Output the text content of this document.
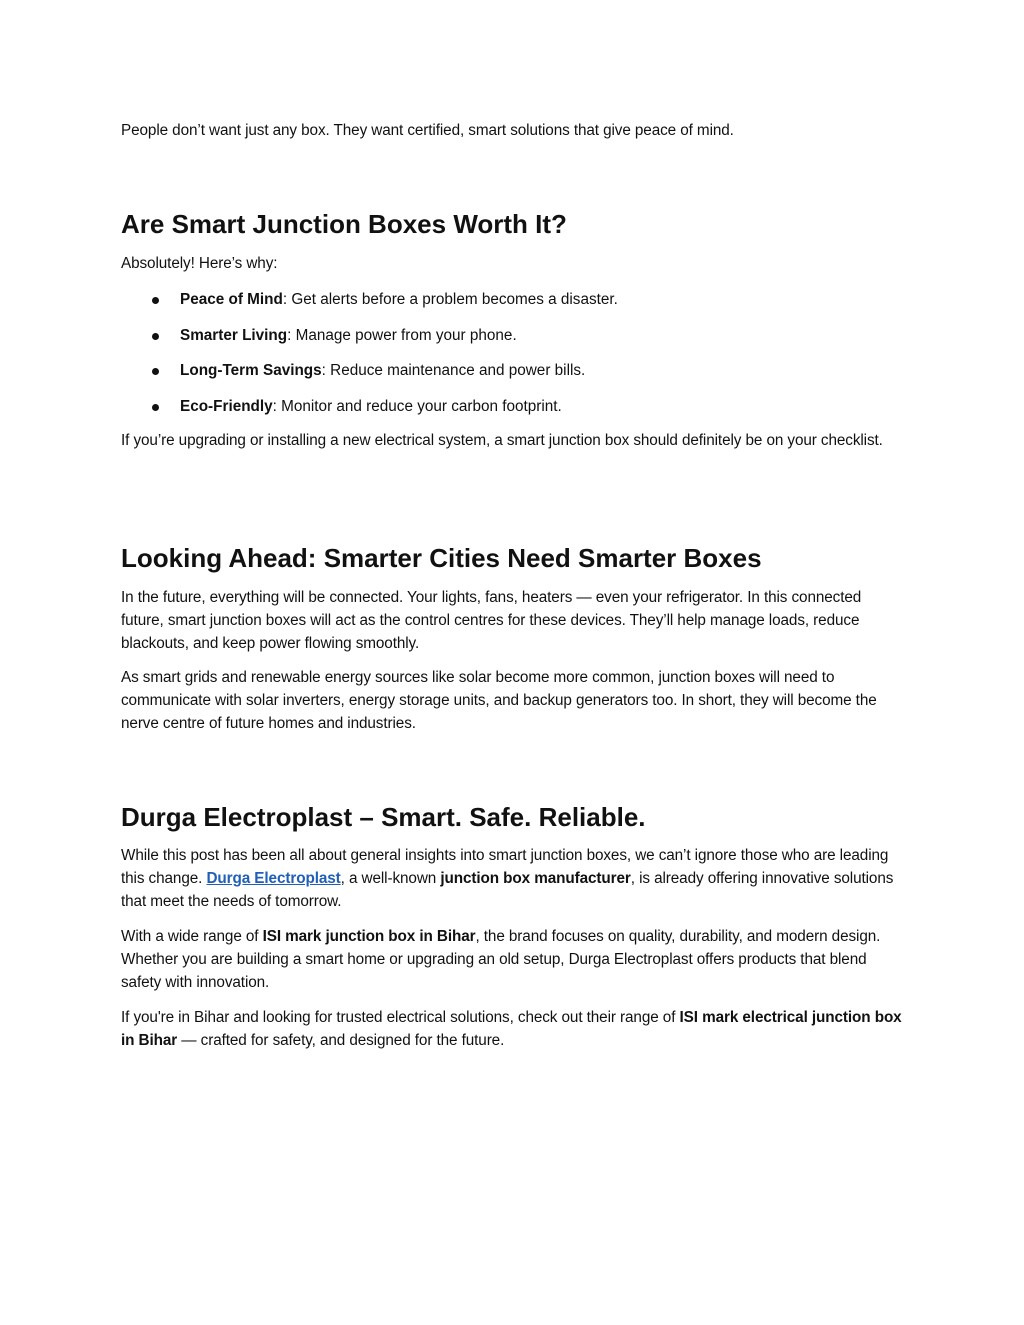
People don’t want just any box. They want certified, smart solutions that give peace of mind.

Are Smart Junction Boxes Worth It?

Absolutely! Here’s why:

Peace of Mind: Get alerts before a problem becomes a disaster.
Smarter Living: Manage power from your phone.
Long-Term Savings: Reduce maintenance and power bills.
Eco-Friendly: Monitor and reduce your carbon footprint.

If you’re upgrading or installing a new electrical system, a smart junction box should definitely be on your checklist.

Looking Ahead: Smarter Cities Need Smarter Boxes

In the future, everything will be connected. Your lights, fans, heaters — even your refrigerator. In this connected future, smart junction boxes will act as the control centres for these devices. They’ll help manage loads, reduce blackouts, and keep power flowing smoothly.

As smart grids and renewable energy sources like solar become more common, junction boxes will need to communicate with solar inverters, energy storage units, and backup generators too. In short, they will become the nerve centre of future homes and industries.

Durga Electroplast – Smart. Safe. Reliable.

While this post has been all about general insights into smart junction boxes, we can’t ignore those who are leading this change. Durga Electroplast, a well-known junction box manufacturer, is already offering innovative solutions that meet the needs of tomorrow.

With a wide range of ISI mark junction box in Bihar, the brand focuses on quality, durability, and modern design. Whether you are building a smart home or upgrading an old setup, Durga Electroplast offers products that blend safety with innovation.

If you're in Bihar and looking for trusted electrical solutions, check out their range of ISI mark electrical junction box in Bihar — crafted for safety, and designed for the future.
